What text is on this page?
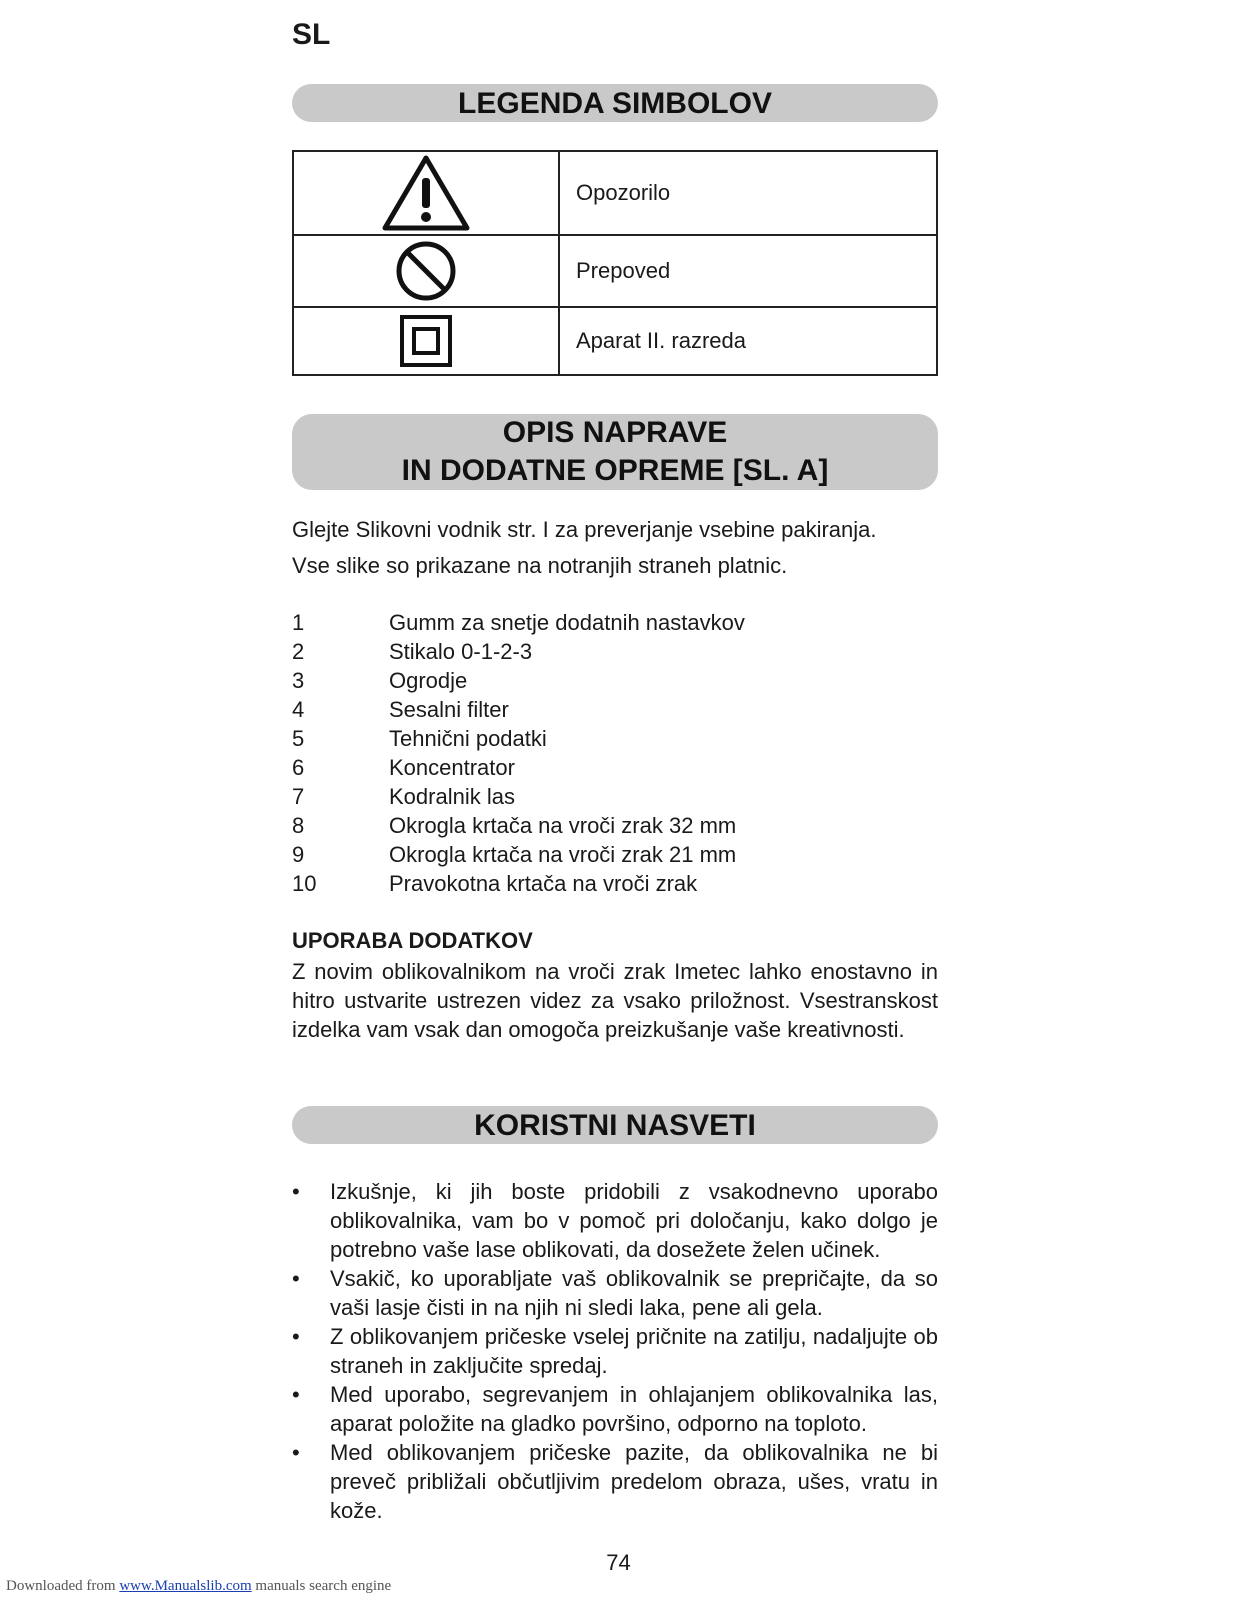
SL
LEGENDA SIMBOLOV
	Opozorilo

	Prepoved

	Aparat II. razreda
OPIS NAPRAVE
IN DODATNE OPREME [SL. A]
Glejte Slikovni vodnik str. I za preverjanje vsebine pakiranja.
Vse slike so prikazane na notranjih straneh platnic.
1	Gumm za snetje dodatnih nastavkov
2	Stikalo 0-1-2-3
3	Ogrodje
4	Sesalni filter
5	Tehnični podatki
6	Koncentrator
7	Kodralnik las
8	Okrogla krtača na vroči zrak 32 mm
9	Okrogla krtača na vroči zrak 21 mm
10	Pravokotna krtača na vroči zrak
UPORABA DODATKOV
Z novim oblikovalnikom na vroči zrak Imetec lahko enostavno in hitro ustvarite ustrezen videz za vsako priložnost. Vsestranskost izdelka vam vsak dan omogoča preizkušanje vaše kreativnosti.
KORISTNI NASVETI
• Izkušnje, ki jih boste pridobili z vsakodnevno uporabo oblikovalnika, vam bo v pomoč pri določanju, kako dolgo je potrebno vaše lase oblikovati, da dosežete želen učinek.
• Vsakič, ko uporabljate vaš oblikovalnik se prepričajte, da so vaši lasje čisti in na njih ni sledi laka, pene ali gela.
• Z oblikovanjem pričeske vselej pričnite na zatilju, nadaljujte ob straneh in zaključite spredaj.
• Med uporabo, segrevanjem in ohlajanjem oblikovalnika las, aparat položite na gladko površino, odporno na toploto.
• Med oblikovanjem pričeske pazite, da oblikovalnika ne bi preveč približali občutljivim predelom obraza, ušes, vratu in kože.
74
Downloaded from www.Manualslib.com manuals search engine
